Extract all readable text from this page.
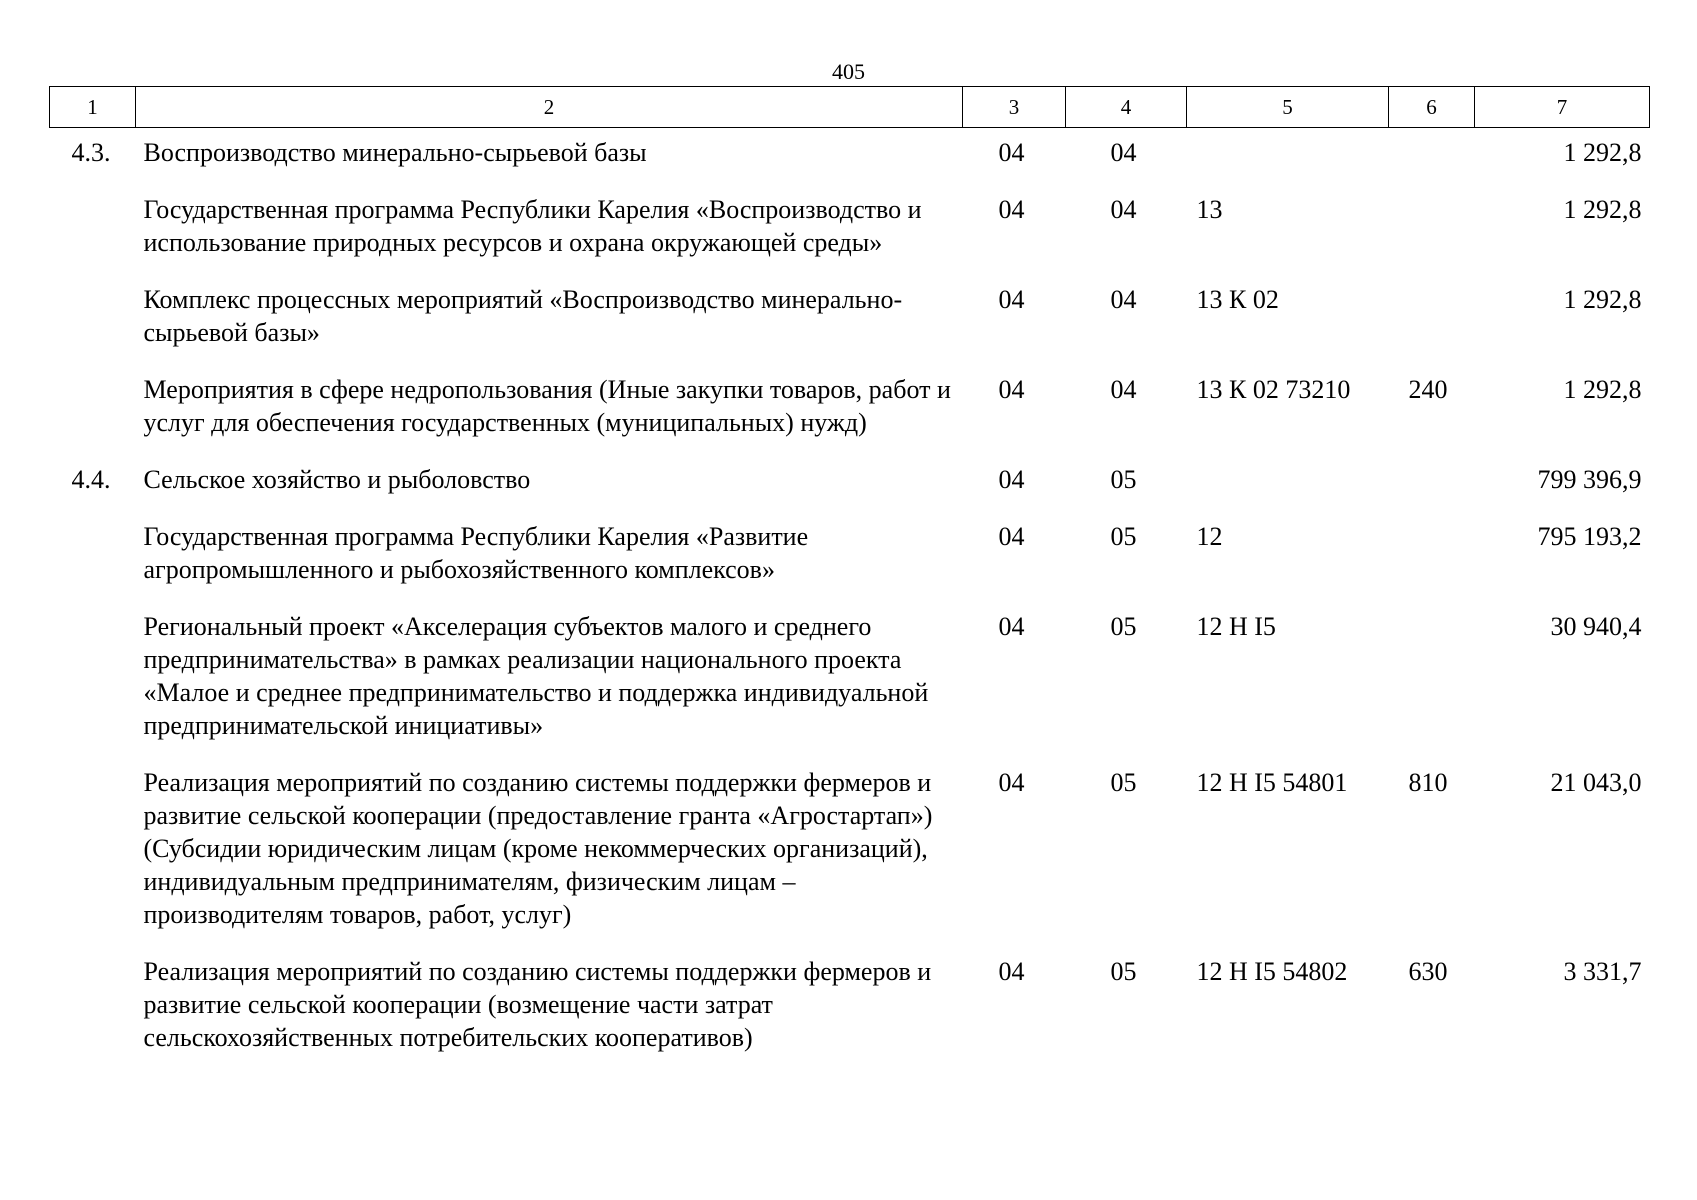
405
1	2	3	4	5	6	7
4.3.	Воспроизводство минерально-сырьевой базы	04	04			1 292,8
	Государственная программа Республики Карелия «Воспроизводство и использование природных ресурсов и охрана окружающей среды»	04	04	13		1 292,8
	Комплекс процессных мероприятий «Воспроизводство минерально-сырьевой базы»	04	04	13 К 02		1 292,8
	Мероприятия в сфере недропользования (Иные закупки товаров, работ и услуг для обеспечения государственных (муниципальных) нужд)	04	04	13 К 02 73210	240	1 292,8
4.4.	Сельское хозяйство и рыболовство	04	05			799 396,9
	Государственная программа Республики Карелия «Развитие агропромышленного и рыбохозяйственного комплексов»	04	05	12		795 193,2
	Региональный проект «Акселерация субъектов малого и среднего предпринимательства» в рамках реализации национального проекта «Малое и среднее предпринимательство и поддержка индивидуальной предпринимательской инициативы»	04	05	12 Н I5		30 940,4
	Реализация мероприятий по созданию системы поддержки фермеров и развитие сельской кооперации (предоставление гранта «Агростартап») (Субсидии юридическим лицам (кроме некоммерческих организаций), индивидуальным предпринимателям, физическим лицам – производителям товаров, работ, услуг)	04	05	12 Н I5 54801	810	21 043,0
	Реализация мероприятий по созданию системы поддержки фермеров и развитие сельской кооперации (возмещение части затрат сельскохозяйственных потребительских кооперативов)	04	05	12 Н I5 54802	630	3 331,7
